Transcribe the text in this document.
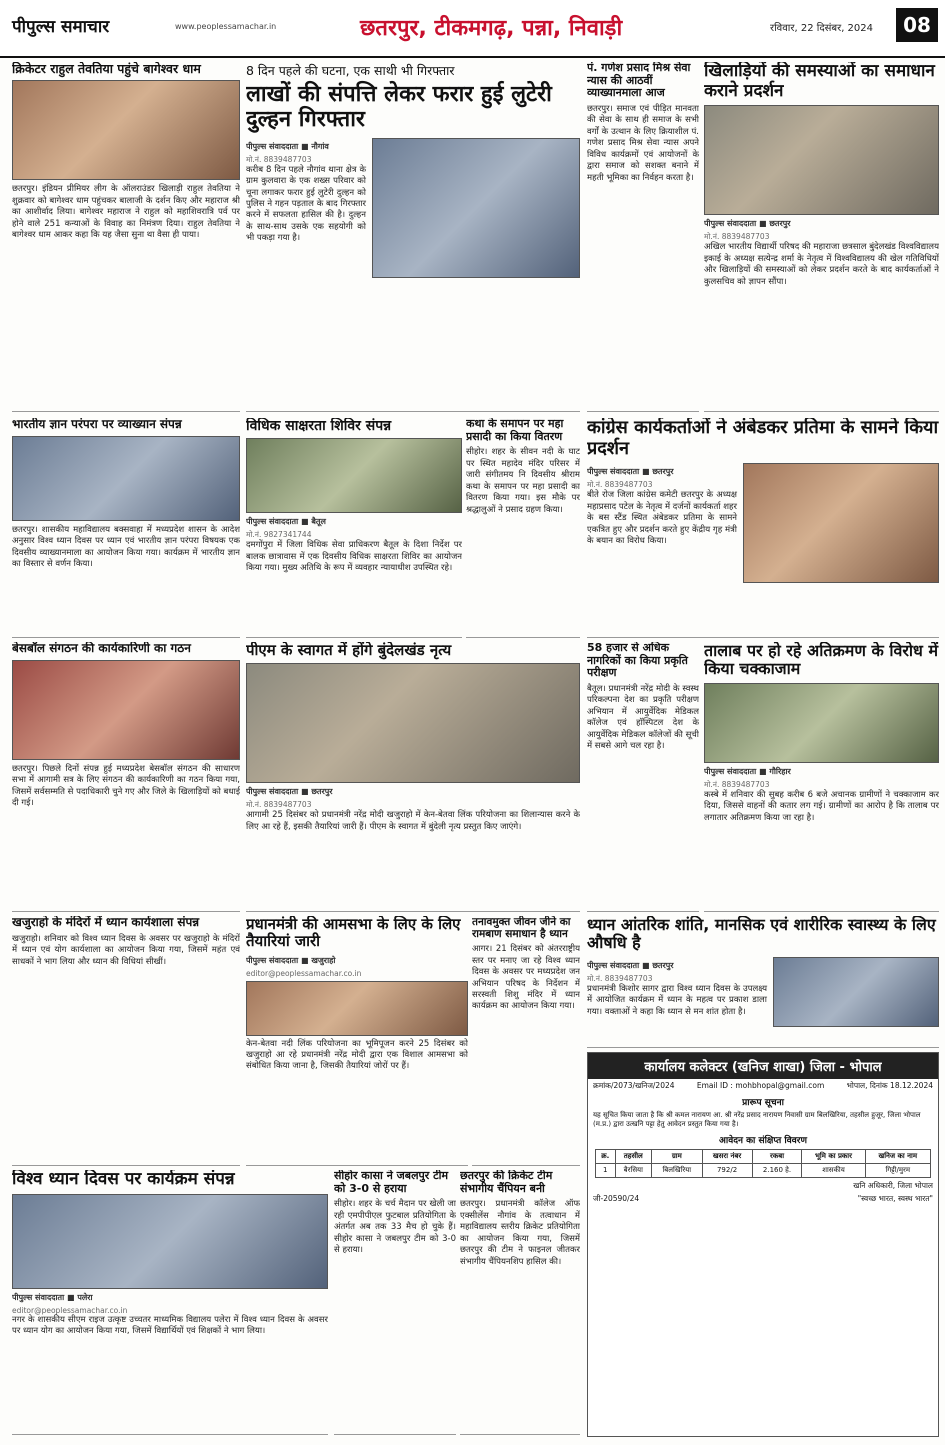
पीपुल्स समाचार	www.peoplessamachar.in	छतरपुर, टीकमगढ़, पन्ना, निवाड़ी	रविवार, 22 दिसंबर, 2024	08
क्रिकेटर राहुल तेवतिया पहुंचे बागेश्वर धाम

छतरपुर। इंडियन प्रीमियर लीग के ऑलराउंडर खिलाड़ी राहुल तेवतिया ने शुक्रवार को बागेश्वर धाम पहुंचकर बालाजी के दर्शन किए और महाराज श्री का आशीर्वाद लिया। बागेश्वर महाराज ने राहुल को महाशिवरात्रि पर्व पर होने वाले 251 कन्याओं के विवाह का निमंत्रण दिया। राहुल तेवतिया ने बागेश्वर धाम आकर कहा कि यह जैसा सुना था वैसा ही पाया।

भारतीय ज्ञान परंपरा पर व्याख्यान संपन्न

छतरपुर। शासकीय महाविद्यालय बक्सवाहा में मध्यप्रदेश शासन के आदेश अनुसार विश्व ध्यान दिवस पर ध्यान एवं भारतीय ज्ञान परंपरा विषयक एक दिवसीय व्याख्यानमाला का आयोजन किया गया। कार्यक्रम में भारतीय ज्ञान का विस्तार से वर्णन किया।

बेसबॉल संगठन की कार्यकारिणी का गठन

छतरपुर। पिछले दिनों संपन्न हुई मध्यप्रदेश बेसबॉल संगठन की साधारण सभा में आगामी सत्र के लिए संगठन की कार्यकारिणी का गठन किया गया, जिसमें सर्वसम्मति से पदाधिकारी चुने गए और जिले के खिलाड़ियों को बधाई दी गई।

खजुराहो के मंदिरों में ध्यान कार्यशाला संपन्न

खजुराहो। शनिवार को विश्व ध्यान दिवस के अवसर पर खजुराहो के मंदिरों में ध्यान एवं योग कार्यशाला का आयोजन किया गया, जिसमें महंत एवं साधकों ने भाग लिया और ध्यान की विधियां सीखीं।

8 दिन पहले की घटना, एक साथी भी गिरफ्तार
लाखों की संपत्ति लेकर फरार हुई लुटेरी दुल्हन गिरफ्तार
पीपुल्स संवाददाता ■ नौगांव
मो.नं. 8839487703

करीब 8 दिन पहले नौगांव थाना क्षेत्र के ग्राम कुलवारा के एक शख्स परिवार को चूना लगाकर फरार हुई लुटेरी दुल्हन को पुलिस ने गहन पड़ताल के बाद गिरफ्तार करने में सफलता हासिल की है। दुल्हन के साथ-साथ उसके एक सहयोगी को भी पकड़ा गया है।

विधिक साक्षरता शिविर संपन्न
पीपुल्स संवाददाता ■ बैतूल
मो.नं. 9827341744

दमगोंपुरा में जिला विधिक सेवा प्राधिकरण बैतूल के दिशा निर्देश पर बालक छात्रावास में एक दिवसीय विधिक साक्षरता शिविर का आयोजन किया गया। मुख्य अतिथि के रूप में व्यवहार न्यायाधीश उपस्थित रहे।

कथा के समापन पर महा प्रसादी का किया वितरण

सीहोर। शहर के सीवन नदी के घाट पर स्थित महादेव मंदिर परिसर में जारी संगीतमय नि दिवसीय श्रीराम कथा के समापन पर महा प्रसादी का वितरण किया गया। इस मौके पर श्रद्धालुओं ने प्रसाद ग्रहण किया।

पीएम के स्वागत में होंगे बुंदेलखंड नृत्य
पीपुल्स संवाददाता ■ छतरपुर
मो.नं. 8839487703

आगामी 25 दिसंबर को प्रधानमंत्री नरेंद्र मोदी खजुराहो में केन-बेतवा लिंक परियोजना का शिलान्यास करने के लिए आ रहे हैं, इसकी तैयारियां जारी हैं। पीएम के स्वागत में बुंदेली नृत्य प्रस्तुत किए जाएंगे।

प्रधानमंत्री की आमसभा के लिए के लिए तैयारियां जारी
पीपुल्स संवाददाता ■ खजुराहो
editor@peoplessamachar.co.in

केन-बेतवा नदी लिंक परियोजना का भूमिपूजन करने 25 दिसंबर को खजुराहो आ रहे प्रधानमंत्री नरेंद्र मोदी द्वारा एक विशाल आमसभा को संबोधित किया जाना है, जिसकी तैयारियां जोरों पर हैं।

तनावमुक्त जीवन जीने का रामबाण समाधान है ध्यान

आगर। 21 दिसंबर को अंतरराष्ट्रीय स्तर पर मनाए जा रहे विश्व ध्यान दिवस के अवसर पर मध्यप्रदेश जन अभियान परिषद के निर्देशन में सरस्वती शिशु मंदिर में ध्यान कार्यक्रम का आयोजन किया गया।

विश्व ध्यान दिवस पर कार्यक्रम संपन्न
पीपुल्स संवाददाता ■ पलेरा
editor@peoplessamachar.co.in

नगर के शासकीय सीएम राइज उत्कृष्ट उच्चतर माध्यमिक विद्यालय पलेरा में विश्व ध्यान दिवस के अवसर पर ध्यान योग का आयोजन किया गया, जिसमें विद्यार्थियों एवं शिक्षकों ने भाग लिया।

सीहोर कासा ने जबलपुर टीम को 3-0 से हराया

सीहोर। शहर के चर्च मैदान पर खेली जा रही एमपीपीएल फुटबाल प्रतियोगिता के अंतर्गत अब तक 33 मैच हो चुके हैं। सीहोर कासा ने जबलपुर टीम को 3-0 से हराया।

छतरपुर की क्रिकेट टीम संभागीय चैंपियन बनी

छतरपुर। प्रधानमंत्री कॉलेज ऑफ एक्सीलेंस नौगांव के तत्वाधान में महाविद्यालय स्तरीय क्रिकेट प्रतियोगिता का आयोजन किया गया, जिसमें छतरपुर की टीम ने फाइनल जीतकर संभागीय चैंपियनशिप हासिल की।

पं. गणेश प्रसाद मिश्र सेवा न्यास की आठवीं व्याख्यानमाला आज

छतरपुर। समाज एवं पीड़ित मानवता की सेवा के साथ ही समाज के सभी वर्गों के उत्थान के लिए क्रियाशील पं. गणेश प्रसाद मिश्र सेवा न्यास अपने विविध कार्यक्रमों एवं आयोजनों के द्वारा समाज को सशक्त बनाने में महती भूमिका का निर्वहन करता है।

खिलाड़ियों की समस्याओं का समाधान कराने प्रदर्शन
पीपुल्स संवाददाता ■ छतरपुर
मो.नं. 8839487703

अखिल भारतीय विद्यार्थी परिषद की महाराजा छत्रसाल बुंदेलखंड विश्वविद्यालय इकाई के अध्यक्ष सत्येन्द्र शर्मा के नेतृत्व में विश्वविद्यालय की खेल गतिविधियों और खिलाड़ियों की समस्याओं को लेकर प्रदर्शन करते के बाद कार्यकर्ताओं ने कुलसचिव को ज्ञापन सौंपा।

कांग्रेस कार्यकर्ताओं ने अंबेडकर प्रतिमा के सामने किया प्रदर्शन
पीपुल्स संवाददाता ■ छतरपुर
मो.नं. 8839487703

बीते रोज जिला कांग्रेस कमेटी छतरपुर के अध्यक्ष महाप्रसाद पटेल के नेतृत्व में दर्जनों कार्यकर्ता शहर के बस स्टैंड स्थित अंबेडकर प्रतिमा के सामने एकत्रित हुए और प्रदर्शन करते हुए केंद्रीय गृह मंत्री के बयान का विरोध किया।

58 हजार से अधिक नागरिकों का किया प्रकृति परीक्षण

बैतूल। प्रधानमंत्री नरेंद्र मोदी के स्वस्थ परिकल्पना देश का प्रकृति परीक्षण अभियान में आयुर्वेदिक मेडिकल कॉलेज एवं हॉस्पिटल देश के आयुर्वेदिक मेडिकल कॉलेजों की सूची में सबसे आगे चल रहा है।

तालाब पर हो रहे अतिक्रमण के विरोध में किया चक्काजाम
पीपुल्स संवाददाता ■ गौरिहार
मो.नं. 8839487703

कस्बे में शनिवार की सुबह करीब 6 बजे अचानक ग्रामीणों ने चक्काजाम कर दिया, जिससे वाहनों की कतार लग गई। ग्रामीणों का आरोप है कि तालाब पर लगातार अतिक्रमण किया जा रहा है।

ध्यान आंतरिक शांति, मानसिक एवं शारीरिक स्वास्थ्य के लिए औषधि है
पीपुल्स संवाददाता ■ छतरपुर
मो.नं. 8839487703

प्रधानमंत्री किशोर सागर द्वारा विश्व ध्यान दिवस के उपलक्ष्य में आयोजित कार्यक्रम में ध्यान के महत्व पर प्रकाश डाला गया। वक्ताओं ने कहा कि ध्यान से मन शांत होता है।

कार्यालय कलेक्टर (खनिज शाखा) जिला - भोपाल
क्रमांक/2073/खनिज/2024	Email ID : mohbhopal@gmail.com	भोपाल, दिनांक 18.12.2024
प्रारूप सूचना

यह सूचित किया जाता है कि श्री कमल नारायण आ. श्री नरेंद्र प्रसाद नारायण निवासी ग्राम बिलखिरिया, तहसील हुजूर, जिला भोपाल (म.प्र.) द्वारा उत्खनि पट्टा हेतु आवेदन प्रस्तुत किया गया है।

आवेदन का संक्षिप्त विवरण
क्र.	तहसील	ग्राम	खसरा नंबर	रकबा	भूमि का प्रकार	खनिज का नाम
1	बैरसिया	बिलखिरिया	792/2	2.160 हे.	शासकीय	गिट्टी/मुरम
खनि अधिकारी, जिला भोपाल
जी-20590/24	"स्वच्छ भारत, स्वस्थ भारत"
